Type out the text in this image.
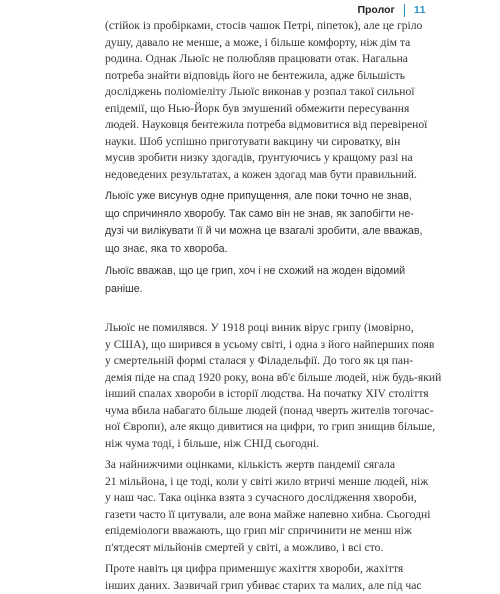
Пролог 11

(стійок із пробірками, стосів чашок Петрі, піпеток), але це гріло
душу, давало не менше, а може, і більше комфорту, ніж дім та
родина. Однак Льюїс не полюбляв працювати отак. Нагальна
потреба знайти відповідь його не бентежила, адже більшість
досліджень поліоміеліту Льюїс виконав у розпал такої сильної
епідемії, що Нью-Йорк був змушений обмежити пересування
людей. Науковця бентежила потреба відмовитися від перевіреної
науки. Шоб успішно приготувати вакцину чи сироватку, він
мусив зробити низку здогадів, ґрунтуючись у кращому разі на
недоведених результатах, а кожен здогад мав бути правильний.

Льюїс уже висунув одне припущення, але поки точно не знав,
що спричиняло хворобу. Так само він не знав, як запобігти не-
дузі чи вилікувати її й чи можна це взагалі зробити, але вважав,
що знає, яка то хвороба.

Льюїс вважав, що це грип, хоч і не схожий на жоден відомий
раніше.

Льюїс не помилявся. У 1918 році виник вірус грипу (імовірно,
у США), що ширився в усьому світі, і одна з його найперших появ
у смертельній формі сталася у Філадельфії. До того як ця пан-
демія піде на спад 1920 року, вона вб'є більше людей, ніж будь-який
інший спалах хвороби в історії людства. На початку XIV століття
чума вбила набагато більше людей (понад чверть жителів тогочас-
ної Європи), але якщо дивитися на цифри, то грип знищив більше,
ніж чума тоді, і більше, ніж СНІД сьогодні.

За найнижчими оцінками, кількість жертв пандемії сягала
21 мільйона, і це тоді, коли у світі жило втричі менше людей, ніж
у наш час. Така оцінка взята з сучасного дослідження хвороби,
газети часто її цитували, але вона майже напевно хибна. Сьогодні
епідеміологи вважають, що грип міг спричинити не менш ніж
п'ятдесят мільйонів смертей у світі, а можливо, і всі сто.

Проте навіть ця цифра применшує жахіття хвороби, жахіття
інших даних. Зазвичай грип убиває старих та малих, але під час
